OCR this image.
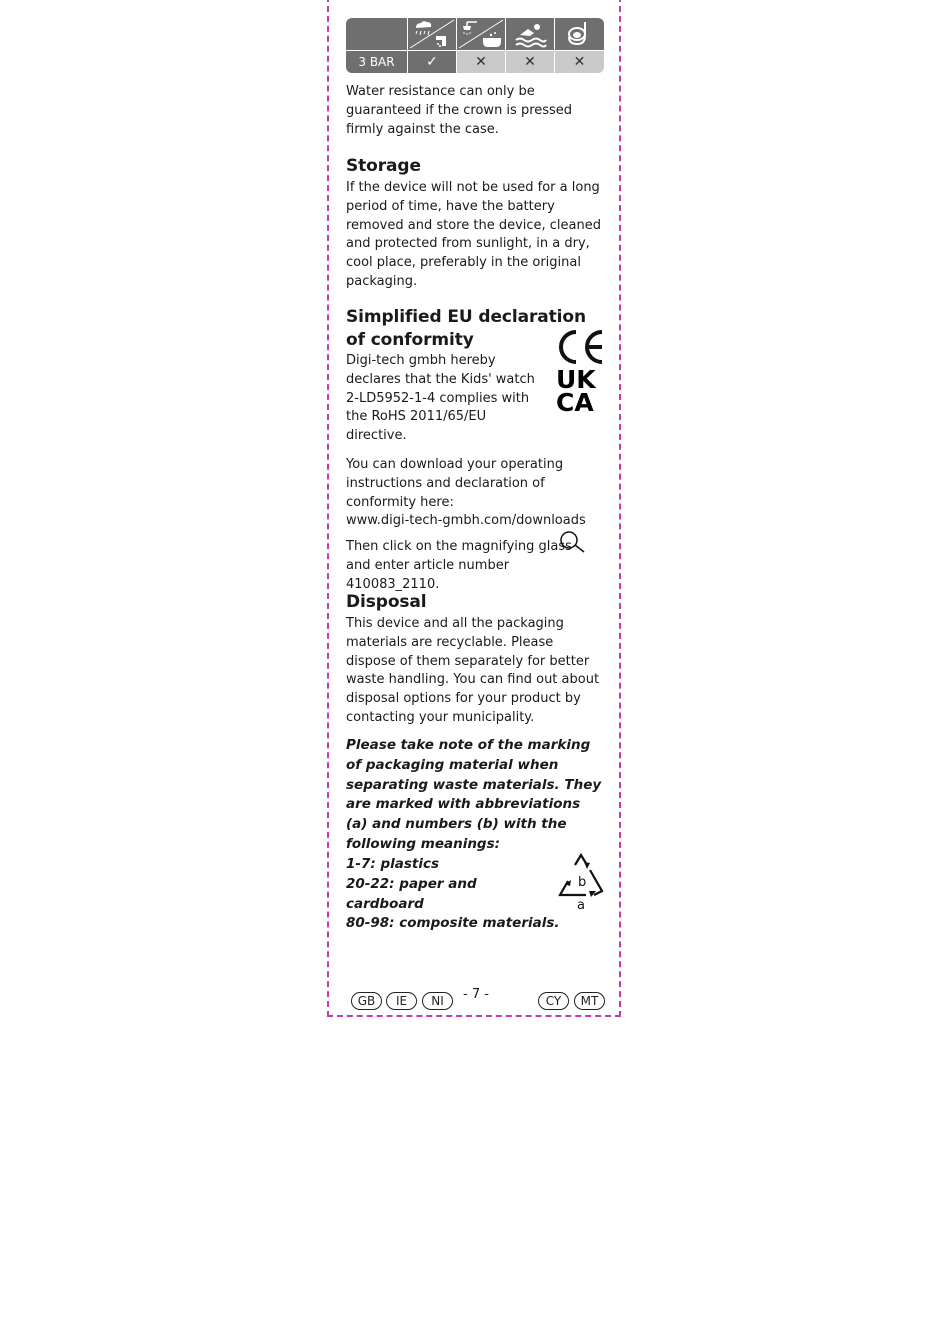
3 BAR	✓	✕	✕	✕

Water resistance can only be guaranteed if the crown is pressed firmly against the case.

Storage

If the device will not be used for a long period of time, have the battery removed and store the device, cleaned and protected from sunlight, in a dry, cool place, preferably in the original packaging.

Simplified EU declaration of conformity

Digi-tech gmbh hereby declares that the Kids' watch 2-LD5952-1-4 complies with the RoHS 2011/65/EU directive.

UK
CA

You can download your operating instructions and declaration of conformity here:

www.digi-tech-gmbh.com/downloads

Then click on the magnifying glass

and enter article number 410083_2110.

Disposal

This device and all the packaging materials are recyclable. Please dispose of them separately for better waste handling. You can find out about disposal options for your product by contacting your municipality.

Please take note of the marking of packaging material when separating waste materials. They are marked with abbreviations (a) and numbers (b) with the following meanings:

1-7: plastics

20-22: paper and cardboard

80-98: composite materials.

b
a
GB	IE	NI	- 7 -	CY	MT
